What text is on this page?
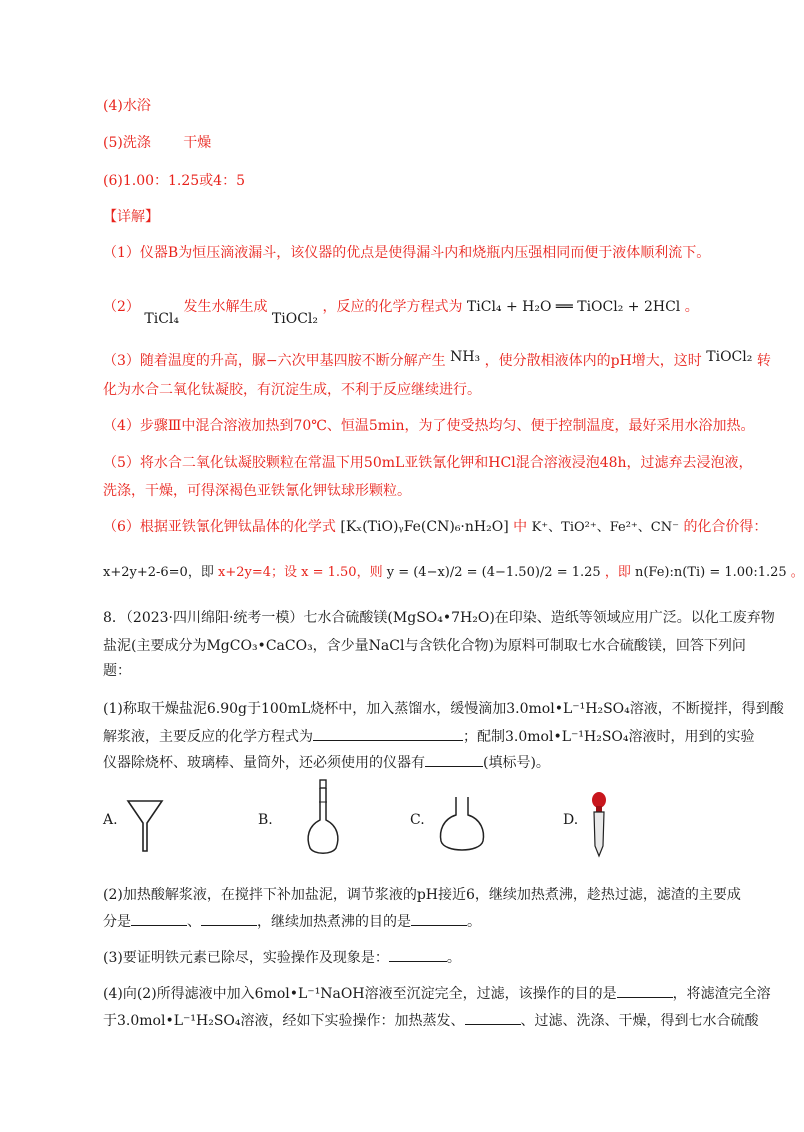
(4)水浴
(5)洗涤 干燥
(6)1.00：1.25或4：5
【详解】
（1）仪器B为恒压滴液漏斗，该仪器的优点是使得漏斗内和烧瓶内压强相同而便于液体顺利流下。
（2） TiCl₄ 发生水解生成 TiOCl₂ ，反应的化学方程式为 TiCl₄ + H₂O ══ TiOCl₂ + 2HCl 。
（3）随着温度的升高，脲−六次甲基四胺不断分解产生 NH₃ ，使分散相液体内的pH增大，这时 TiOCl₂ 转
化为水合二氧化钛凝胶，有沉淀生成，不利于反应继续进行。
（4）步骤Ⅲ中混合溶液加热到70℃、恒温5min，为了使受热均匀、便于控制温度，最好采用水浴加热。
（5）将水合二氧化钛凝胶颗粒在常温下用50mL亚铁氰化钾和HCl混合溶液浸泡48h，过滤弃去浸泡液，
洗涤，干燥，可得深褐色亚铁氰化钾钛球形颗粒。
（6）根据亚铁氰化钾钛晶体的化学式 [Kₓ(TiO)ᵧFe(CN)₆·nH₂O] 中 K⁺、TiO²⁺、Fe²⁺、CN⁻ 的化合价得：
x+2y+2-6=0，即 x+2y=4；设 x = 1.50，则 y = (4−x)/2 = (4−1.50)/2 = 1.25 ，即 n(Fe):n(Ti) = 1.00:1.25 。
8．（2023·四川绵阳·统考一模）七水合硫酸镁(MgSO₄•7H₂O)在印染、造纸等领域应用广泛。以化工废弃物
盐泥(主要成分为MgCO₃•CaCO₃，含少量NaCl与含铁化合物)为原料可制取七水合硫酸镁，回答下列问
题：
(1)称取干燥盐泥6.90g于100mL烧杯中，加入蒸馏水，缓慢滴加3.0mol•L⁻¹H₂SO₄溶液，不断搅拌，得到酸
解浆液，主要反应的化学方程式为	；配制3.0mol•L⁻¹H₂SO₄溶液时，用到的实验
仪器除烧杯、玻璃棒、量筒外，还必须使用的仪器有	(填标号)。
A.	B.	C.	D.
(2)加热酸解浆液，在搅拌下补加盐泥，调节浆液的pH接近6，继续加热煮沸，趁热过滤，滤渣的主要成
分是	、	，继续加热煮沸的目的是	。
(3)要证明铁元素已除尽，实验操作及现象是：	。
(4)向(2)所得滤液中加入6mol•L⁻¹NaOH溶液至沉淀完全，过滤，该操作的目的是	，将滤渣完全溶
于3.0mol•L⁻¹H₂SO₄溶液，经如下实验操作：加热蒸发、	、过滤、洗涤、干燥，得到七水合硫酸
